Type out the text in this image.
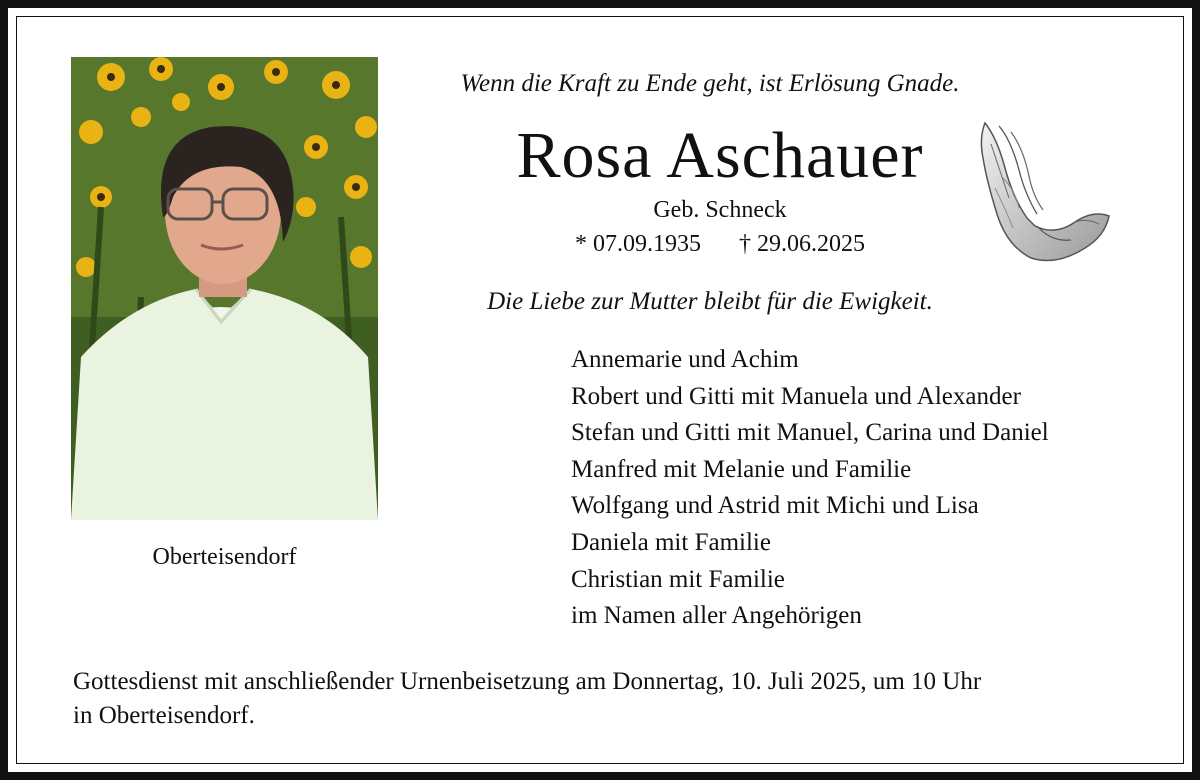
Oberteisendorf
Wenn die Kraft zu Ende geht, ist Erlösung Gnade.
Rosa Aschauer
Geb. Schneck
* 07.09.1935 † 29.06.2025
Die Liebe zur Mutter bleibt für die Ewigkeit.
Annemarie und Achim
Robert und Gitti mit Manuela und Alexander
Stefan und Gitti mit Manuel, Carina und Daniel
Manfred mit Melanie und Familie
Wolfgang und Astrid mit Michi und Lisa
Daniela mit Familie
Christian mit Familie
im Namen aller Angehörigen
Gottesdienst mit anschließender Urnenbeisetzung am Donnertag, 10. Juli 2025, um 10 Uhr
in Oberteisendorf.
